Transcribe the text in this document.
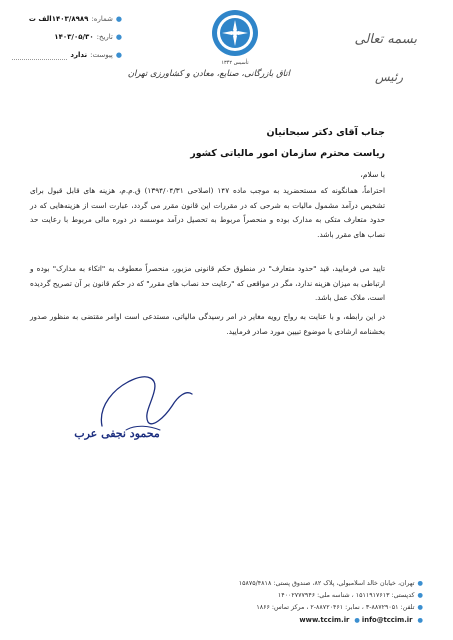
●
شماره:
۱۴۰۳/۸۹۸۹الف ت
●
تاریخ:
۱۴۰۳/۰۵/۳۰
●
پیوست:
ندارد
تأسیس ۱۳۴۲
اتاق بازرگانی، صنایع، معادن و کشاورزی تهران
بسمه تعالی
رئیس
جناب آقای دکتر سبحانیان
ریاست محترم سازمان امور مالیاتی کشور
با سلام،

احتراماً، همانگونه که مستحضرید به موجب ماده ۱۴۷ (اصلاحی ۱۳۹۴/۰۴/۳۱) ق.م.م، هزینه های قابل قبول برای تشخیص درآمد مشمول مالیات به شرحی که در مقررات این قانون مقرر می گردد، عبارت است از هزینه‌هایی که در حدود متعارف متکی به مدارک بوده و منحصراً مربوط به تحصیل درآمد موسسه در دوره مالی مربوط با رعایت حد نصاب های مقرر باشد.

تایید می فرمایید، قید "حدود متعارف" در منطوق حکم قانونی مزبور، منحصراً معطوف به "اتکاء به مدارک" بوده و ارتباطی به میزان هزینه ندارد، مگر در مواقعی که "رعایت حد نصاب های مقرر" که در حکم قانون بر آن تصریح گردیده است، ملاک عمل باشد.

در این رابطه، و با عنایت به رواج رویه مغایر در امر رسیدگی مالیاتی، مستدعی است اوامر مقتضی به منظور صدور بخشنامه ارشادی با موضوع تبیین مورد صادر فرمایید.

محمود نجفی عرب
●تهران، خیابان خالد اسلامبولی، پلاک ۸۲، صندوق پستی: ۱۵۸۷۵/۴۸۱۸
●کدپستی: ۱۵۱۱۹۱۷۶۱۳ ، شناسه ملی: ۱۴۰۰۲۷۷۷۹۴۶
●تلفن: ۸۸۷۲۹۰۵۱-۳ ، نمابر: ۸۸۷۲۰۴۶۱-۲ ، مرکز تماس: ۱۸۶۶
www.tccim.ir ● info@tccim.ir ●
